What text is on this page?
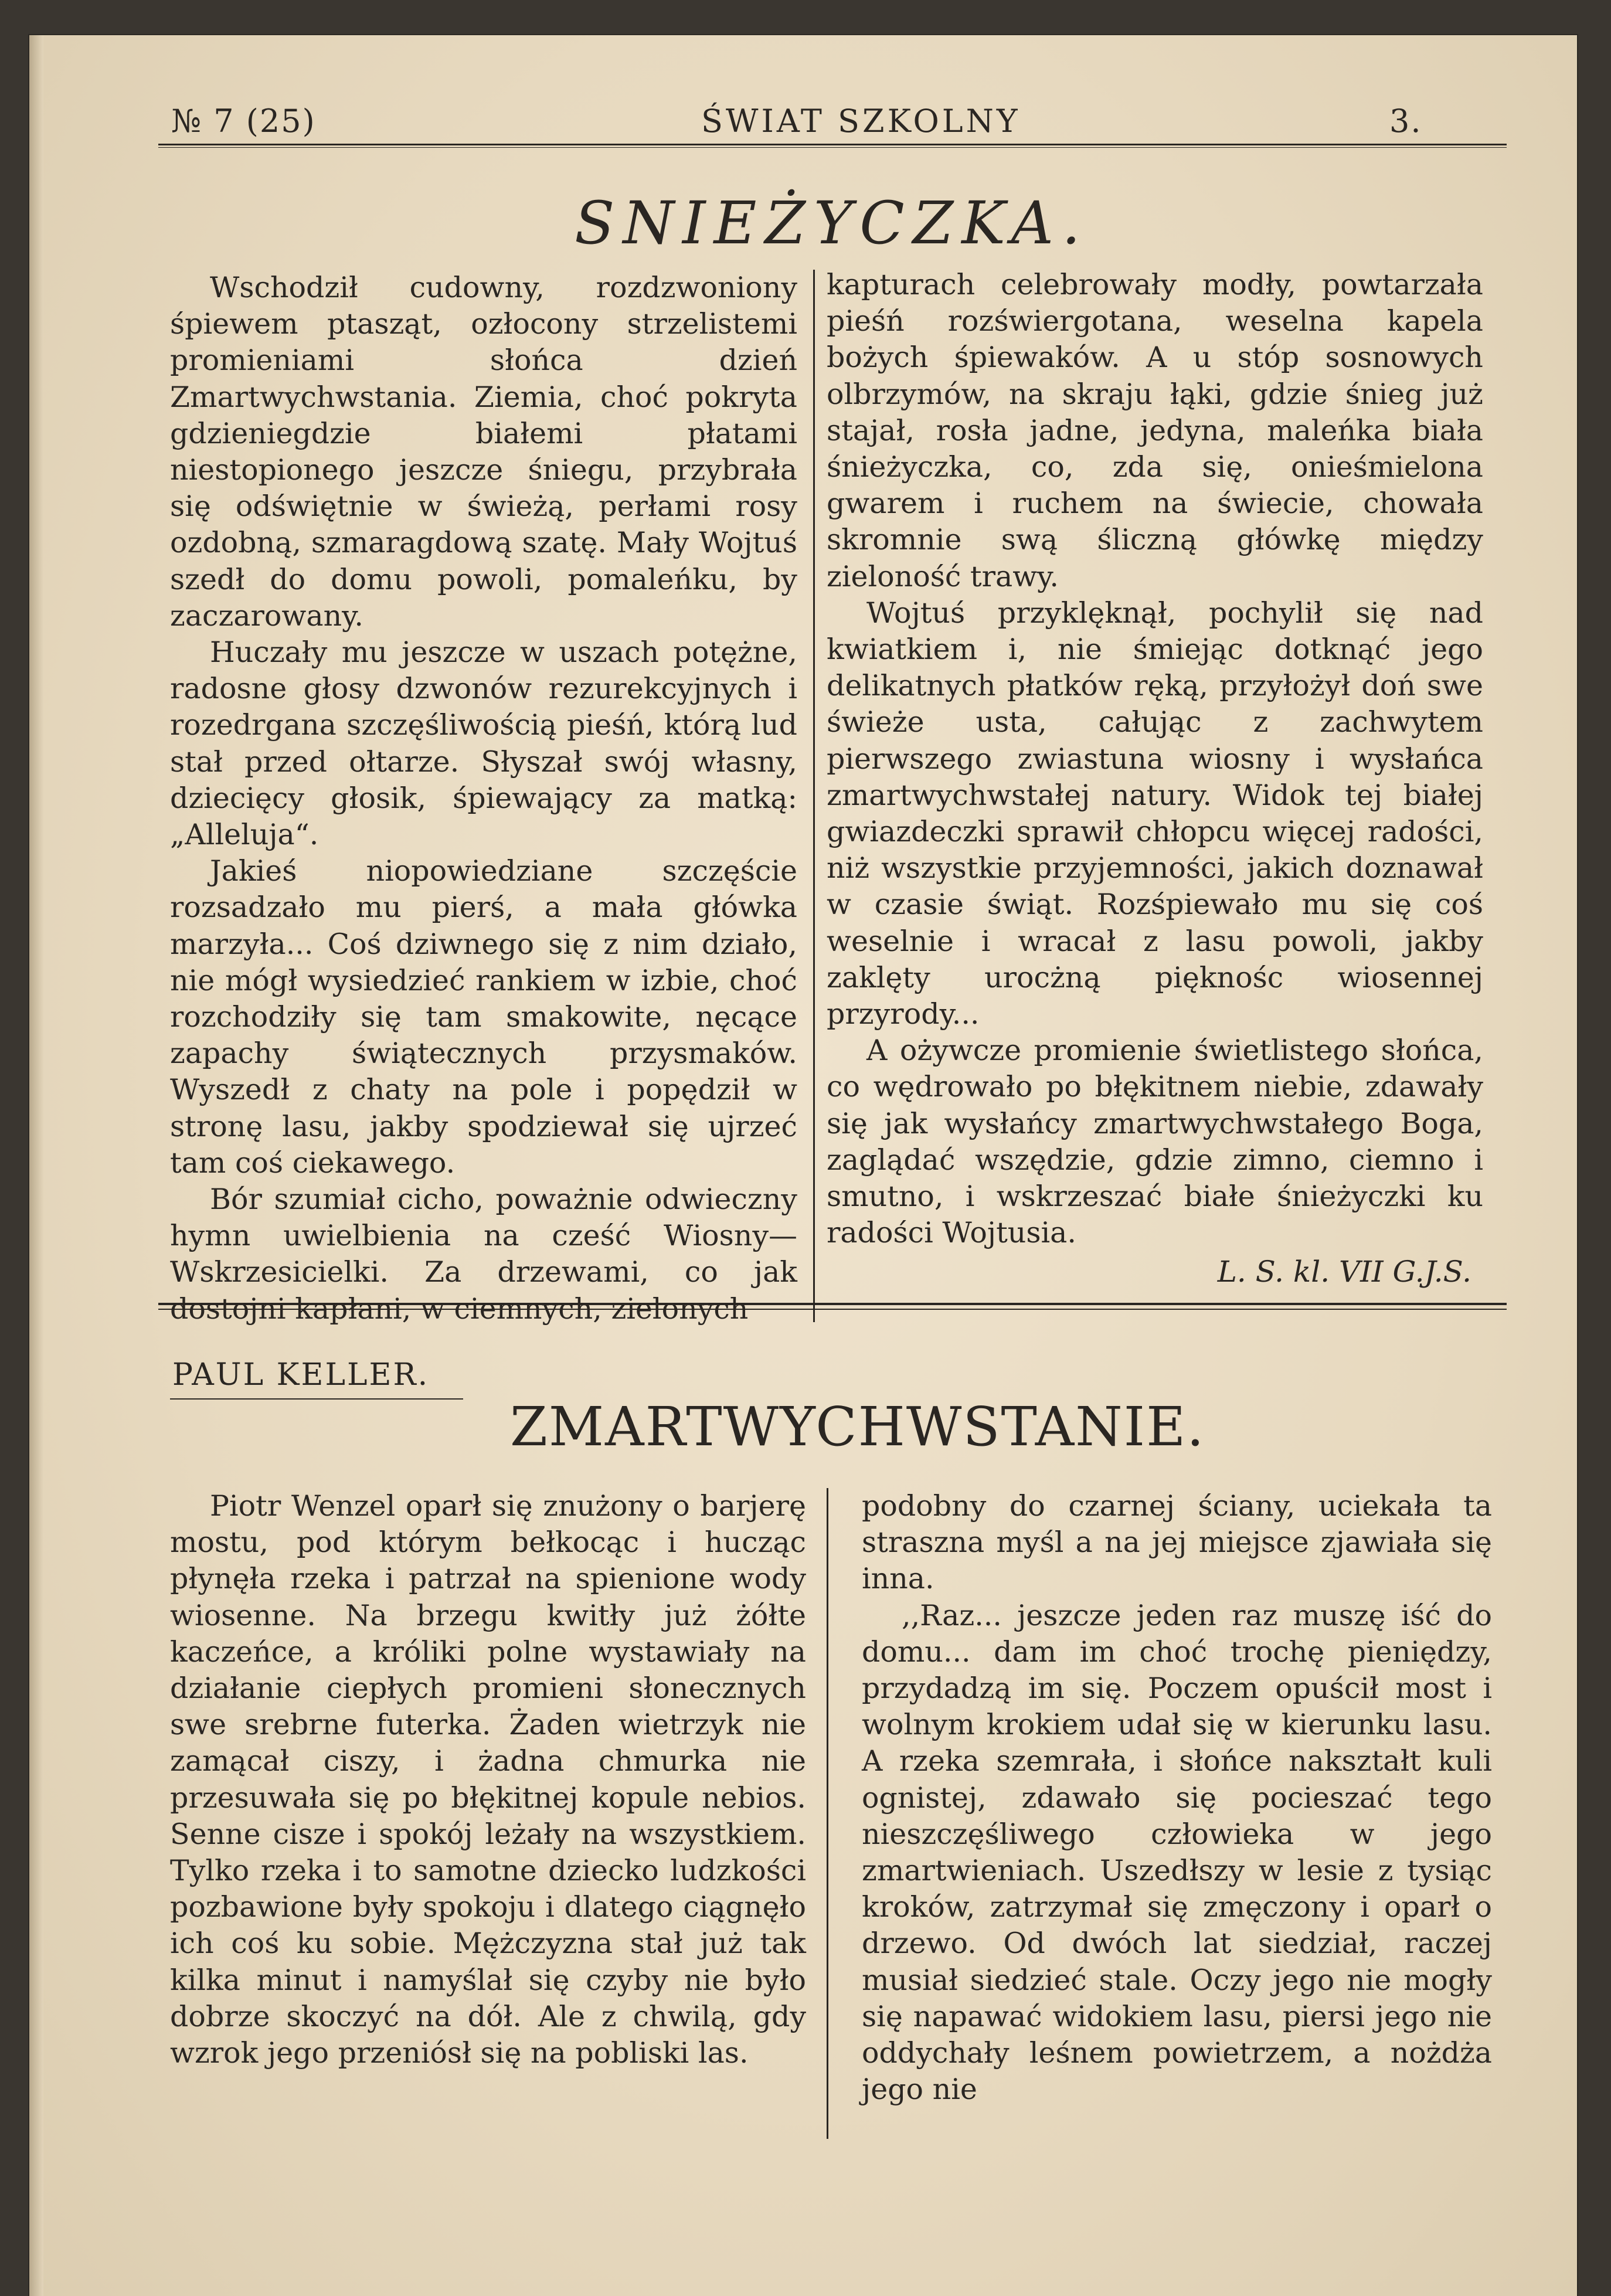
№ 7 (25)	ŚWIAT SZKOLNY	3.
SNIEŻYCZKA.

Wschodził cudowny, rozdzwoniony śpiewem ptasząt, ozłocony strzelistemi promieniami słońca dzień Zmartwychwstania. Ziemia, choć pokryta gdzieniegdzie białemi płatami niestopionego jeszcze śniegu, przybrała się odświętnie w świeżą, perłami rosy ozdobną, szmaragdową szatę. Mały Wojtuś szedł do domu powoli, pomaleńku, by zaczarowany.

Huczały mu jeszcze w uszach potężne, radosne głosy dzwonów rezurekcyjnych i rozedrgana szczęśliwością pieśń, którą lud stał przed ołtarze. Słyszał swój własny, dziecięcy głosik, śpiewający za matką: „Alleluja“.

Jakieś niopowiedziane szczęście rozsadzało mu pierś, a mała główka marzyła... Coś dziwnego się z nim działo, nie mógł wysiedzieć rankiem w izbie, choć rozchodziły się tam smakowite, nęcące zapachy świątecznych przysmaków. Wyszedł z chaty na pole i popędził w stronę lasu, jakby spodziewał się ujrzeć tam coś ciekawego.

Bór szumiał cicho, poważnie odwieczny hymn uwielbienia na cześć Wiosny— Wskrzesicielki. Za drzewami, co jak w

kapturach celebrowały modły, powtarzała pieśń rozświergotana, weselna kapela bożych śpiewaków. A u stóp sosnowych olbrzymów, na skraju łąki, gdzie śnieg już stajał, rosła jadne, jedyna, maleńka biała śnieżyczka, co, zda się, onieśmielona gwarem i ruchem na świecie, chowała skromnie swą śliczną główkę między zieloność trawy.

Wojtuś przyklęknął, pochylił się nad kwiatkiem i, nie śmiejąc dotknąć jego delikatnych płatków ręką, przyłożył doń swe świeże usta, całując z zachwytem pierwszego zwiastuna wiosny i wysłańca zmartwychwstałej natury. Widok tej białej gwiazdeczki sprawił chłopcu więcej radości, niż wszystkie przyjemności, jakich doznawał w czasie świąt. Rozśpiewało mu się coś weselnie i wracał z lasu powoli, jakby zaklęty urocżną pięknośc wiosennej przyrody...

A ożywcze promienie świetlistego słońca, co wędrowało po błękitnem niebie, zdawały się jak wysłańcy zmartwychwstałego Boga, zaglądać wszędzie, gdzie zimno, ciemno i smutno, i wskrzeszać białe śnieżyczki ku radości Wojtusia.

L. S. kl. VII G.J.S.

PAUL KELLER.
ZMARTWYCHWSTANIE.

Piotr Wenzel oparł się znużony o barjerę mostu, pod którym bełkocąc i hucząc płynęła rzeka i patrzał na spienione wody wiosenne. Na brzegu kwitły już żółte kaczeńce, a króliki polne wystawiały na działanie ciepłych promieni słonecznych swe srebrne futerka. Żaden wietrzyk nie zamącał ciszy, i żadna chmurka nie przesuwała się po błękitnej kopule nebios. Senne cisze i spokój leżały na wszystkiem. Tylko rzeka i to samotne dziecko ludzkości pozbawione były spokoju i dlatego ciągnęło ich coś ku sobie. Mężczyzna stał już tak kilka minut i namyślał się czyby nie było dobrze skoczyć na dół. Ale z chwilą, gdy wzrok jego przeniósł się na pobliski las.

podobny do czarnej ściany, uciekała ta straszna myśl a na jej miejsce zjawiała się inna.

,,Raz... jeszcze jeden raz muszę iść do domu... dam im choć trochę pieniędzy, przydadzą im się. Poczem opuścił most i wolnym krokiem udał się w kierunku lasu. A rzeka szemrała, i słońce nakształt kuli ognistej, zdawało się pocieszać tego nieszczęśliwego człowieka w jego zmartwieniach. Uszedłszy w lesie z tysiąc kroków, zatrzymał się zmęczony i oparł o drzewo. Od dwóch lat siedział, raczej musiał siedzieć stale. Oczy jego nie mogły się napawać widokiem lasu, piersi jego nie oddychały leśnem powietrzem, a nożdża jego nie
